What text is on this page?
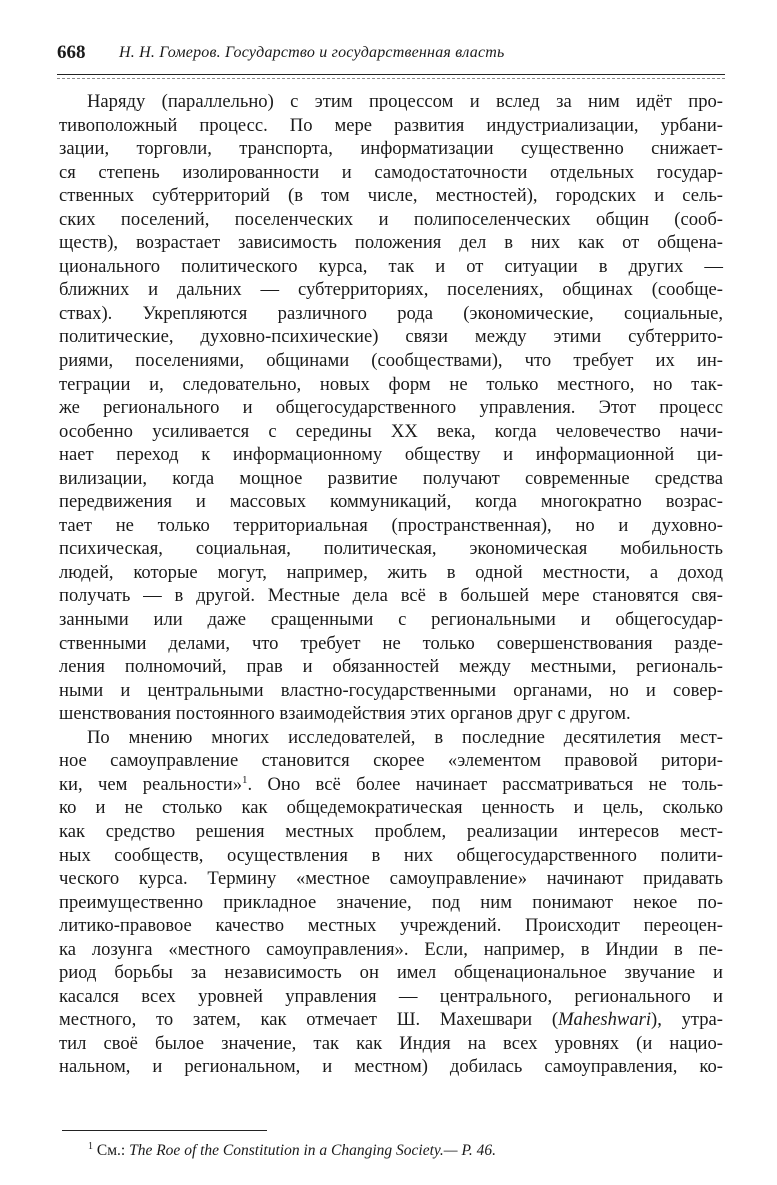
668 Н. Н. Гомеров. Государство и государственная власть
Наряду (параллельно) с этим процессом и вслед за ним идёт про-
тивоположный процесс. По мере развития индустриализации, урбани-
зации, торговли, транспорта, информатизации существенно снижает-
ся степень изолированности и самодостаточности отдельных государ-
ственных субтерриторий (в том числе, местностей), городских и сель-
ских поселений, поселенческих и полипоселенческих общин (сооб-
ществ), возрастает зависимость положения дел в них как от общена-
ционального политического курса, так и от ситуации в других —
ближних и дальних — субтерриториях, поселениях, общинах (сообще-
ствах). Укрепляются различного рода (экономические, социальные,
политические, духовно-психические) связи между этими субтеррито-
риями, поселениями, общинами (сообществами), что требует их ин-
теграции и, следовательно, новых форм не только местного, но так-
же регионального и общегосударственного управления. Этот процесс
особенно усиливается с середины XX века, когда человечество начи-
нает переход к информационному обществу и информационной ци-
вилизации, когда мощное развитие получают современные средства
передвижения и массовых коммуникаций, когда многократно возрас-
тает не только территориальная (пространственная), но и духовно-
психическая, социальная, политическая, экономическая мобильность
людей, которые могут, например, жить в одной местности, а доход
получать — в другой. Местные дела всё в большей мере становятся свя-
занными или даже сращенными с региональными и общегосудар-
ственными делами, что требует не только совершенствования разде-
ления полномочий, прав и обязанностей между местными, региональ-
ными и центральными властно-государственными органами, но и совер-
шенствования постоянного взаимодействия этих органов друг с другом.
По мнению многих исследователей, в последние десятилетия мест-
ное самоуправление становится скорее «элементом правовой ритори-
ки, чем реальности»$^1$. Оно всё более начинает рассматриваться не толь-
ко и не столько как общедемократическая ценность и цель, сколько
как средство решения местных проблем, реализации интересов мест-
ных сообществ, осуществления в них общегосударственного полити-
ческого курса. Термину «местное самоуправление» начинают придавать
преимущественно прикладное значение, под ним понимают некое по-
литико-правовое качество местных учреждений. Происходит переоцен-
ка лозунга «местного самоуправления». Если, например, в Индии в пе-
риод борьбы за независимость он имел общенациональное звучание и
касался всех уровней управления — центрального, регионального и
местного, то затем, как отмечает Ш. Махешвари (Maheshwari), утра-
тил своё былое значение, так как Индия на всех уровнях (и нацио-
нальном, и региональном, и местном) добилась самоуправления, ко-
$^1$ См.: The Roe of the Constitution in a Changing Society.— P. 46.
